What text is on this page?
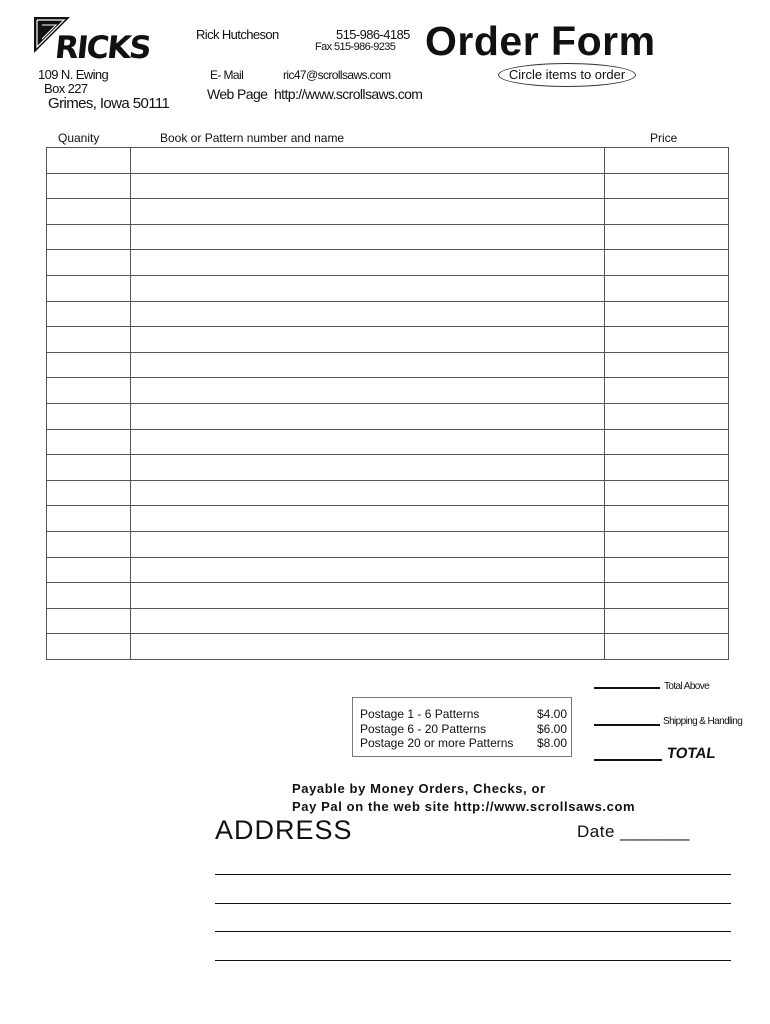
RICKS
109 N. Ewing
Box 227
Grimes, Iowa 50111
Rick Hutcheson	515-986-4185
Fax 515-986-9235
E- Mail	ric47@scrollsaws.com
Web Page http://www.scrollsaws.com
Order Form
Circle items to order
Quanity	Book or Pattern number and name	Price

Total Above
Shipping & Handling
TOTAL
Postage 1 - 6 Patterns	$4.00
Postage 6 - 20 Patterns	$6.00
Postage 20 or more Patterns $8.00
Payable by Money Orders, Checks, or
Pay Pal on the web site http://www.scrollsaws.com
ADDRESS	Date _______
